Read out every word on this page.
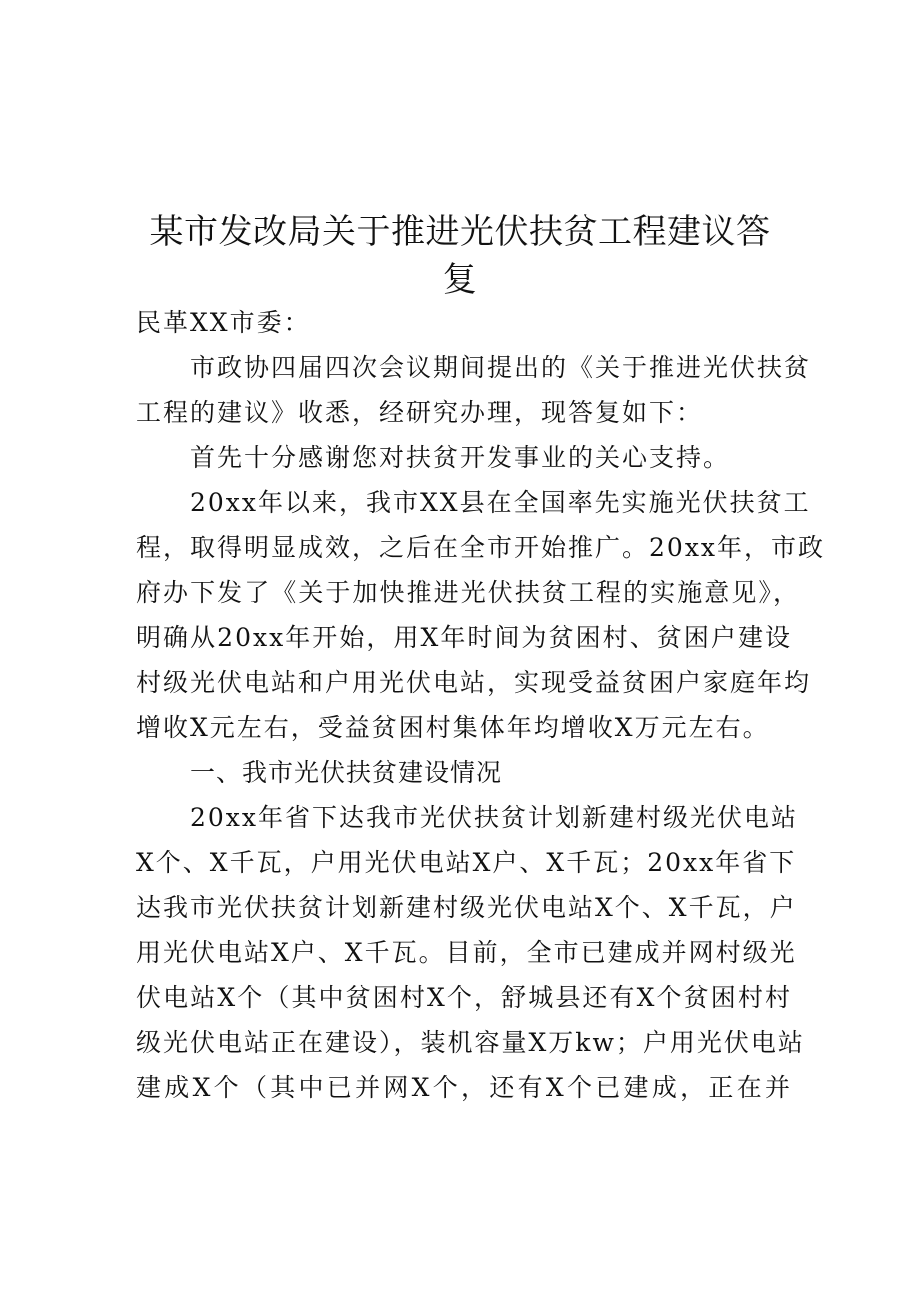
某市发改局关于推进光伏扶贫工程建议答
复

民革XX市委：

市政协四届四次会议期间提出的《关于推进光伏扶贫

工程的建议》收悉，经研究办理，现答复如下：

首先十分感谢您对扶贫开发事业的关心支持。

20xx年以来，我市XX县在全国率先实施光伏扶贫工

程，取得明显成效，之后在全市开始推广。20xx年，市政

府办下发了《关于加快推进光伏扶贫工程的实施意见》，

明确从20xx年开始，用X年时间为贫困村、贫困户建设

村级光伏电站和户用光伏电站，实现受益贫困户家庭年均

增收X元左右，受益贫困村集体年均增收X万元左右。

一、我市光伏扶贫建设情况

20xx年省下达我市光伏扶贫计划新建村级光伏电站

X个、X千瓦，户用光伏电站X户、X千瓦；20xx年省下

达我市光伏扶贫计划新建村级光伏电站X个、X千瓦，户

用光伏电站X户、X千瓦。目前，全市已建成并网村级光

伏电站X个（其中贫困村X个，舒城县还有X个贫困村村

级光伏电站正在建设），装机容量X万kw；户用光伏电站

建成X个（其中已并网X个，还有X个已建成，正在并
